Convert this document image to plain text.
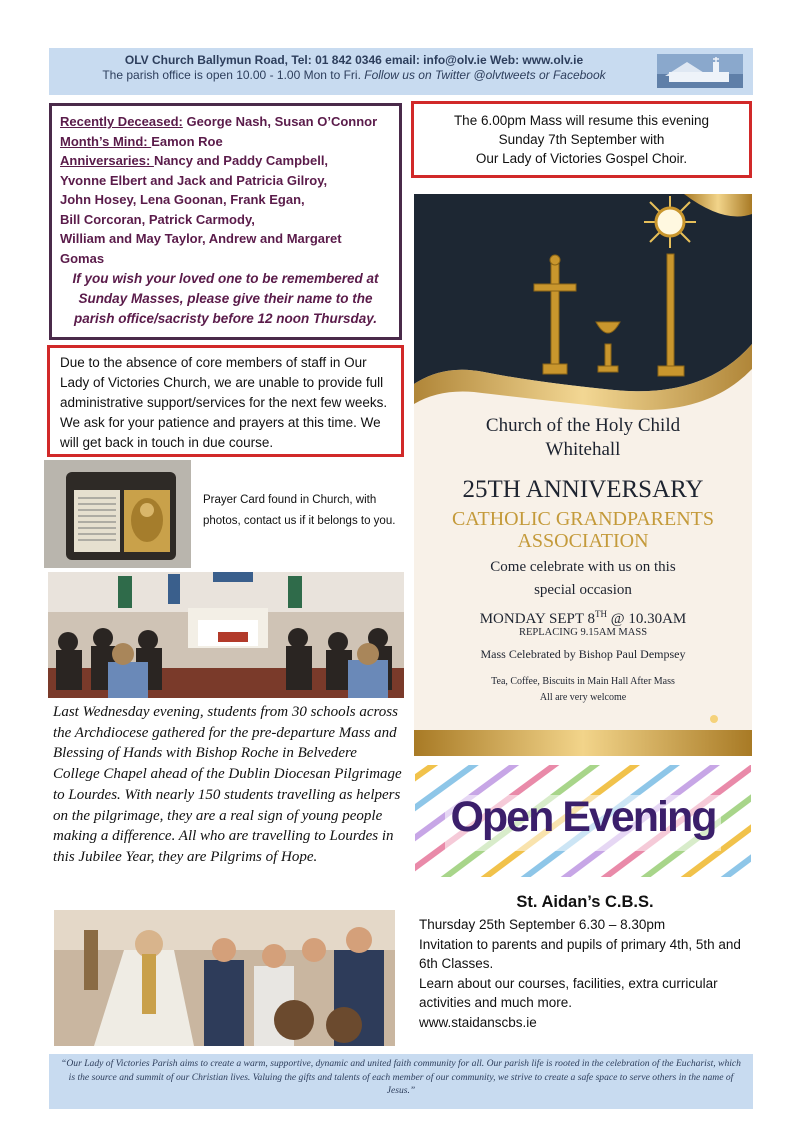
OLV Church Ballymun Road, Tel: 01 842 0346 email: info@olv.ie Web: www.olv.ie
The parish office is open 10.00 - 1.00 Mon to Fri. Follow us on Twitter @olvtweets or Facebook
Recently Deceased: George Nash, Susan O’Connor
Month’s Mind: Eamon Roe
Anniversaries: Nancy and Paddy Campbell,
Yvonne Elbert and Jack and Patricia Gilroy,
John Hosey, Lena Goonan, Frank Egan,
Bill Corcoran, Patrick Carmody,
William and May Taylor, Andrew and Margaret
Gomas
If you wish your loved one to be remembered at Sunday Masses, please give their name to the parish office/sacristy before 12 noon Thursday.
The 6.00pm Mass will resume this evening
Sunday 7th September with
Our Lady of Victories Gospel Choir.
Due to the absence of core members of staff in Our Lady of Victories Church, we are unable to provide full administrative support/services for the next few weeks. We ask for your patience and prayers at this time. We will get back in touch in due course.
Prayer Card found in Church, with photos, contact us if it belongs to you.
Last Wednesday evening, students from 30 schools across the Archdiocese gathered for the pre-departure Mass and Blessing of Hands with Bishop Roche in Belvedere College Chapel ahead of the Dublin Diocesan Pilgrimage to Lourdes. With nearly 150 students travelling as helpers on the pilgrimage, they are a real sign of young people making a difference. All who are travelling to Lourdes in this Jubilee Year, they are Pilgrims of Hope.
Church of the Holy Child
Whitehall
25TH ANNIVERSARY
CATHOLIC GRANDPARENTS
ASSOCIATION
Come celebrate with us on this
special occasion
MONDAY SEPT 8TH @ 10.30AM
REPLACING 9.15AM MASS
Mass Celebrated by Bishop Paul Dempsey
Tea, Coffee, Biscuits in Main Hall After Mass
All are very welcome
Open Evening
St. Aidan’s C.B.S.
Thursday 25th September 6.30 – 8.30pm
Invitation to parents and pupils of primary 4th, 5th and 6th Classes.
Learn about our courses, facilities, extra curricular activities and much more.
www.staidanscbs.ie
“Our Lady of Victories Parish aims to create a warm, supportive, dynamic and united faith community for all. Our parish life is rooted in the celebration of the Eucharist, which is the source and summit of our Christian lives. Valuing the gifts and talents of each member of our community, we strive to create a safe space to serve others in the name of Jesus.”
